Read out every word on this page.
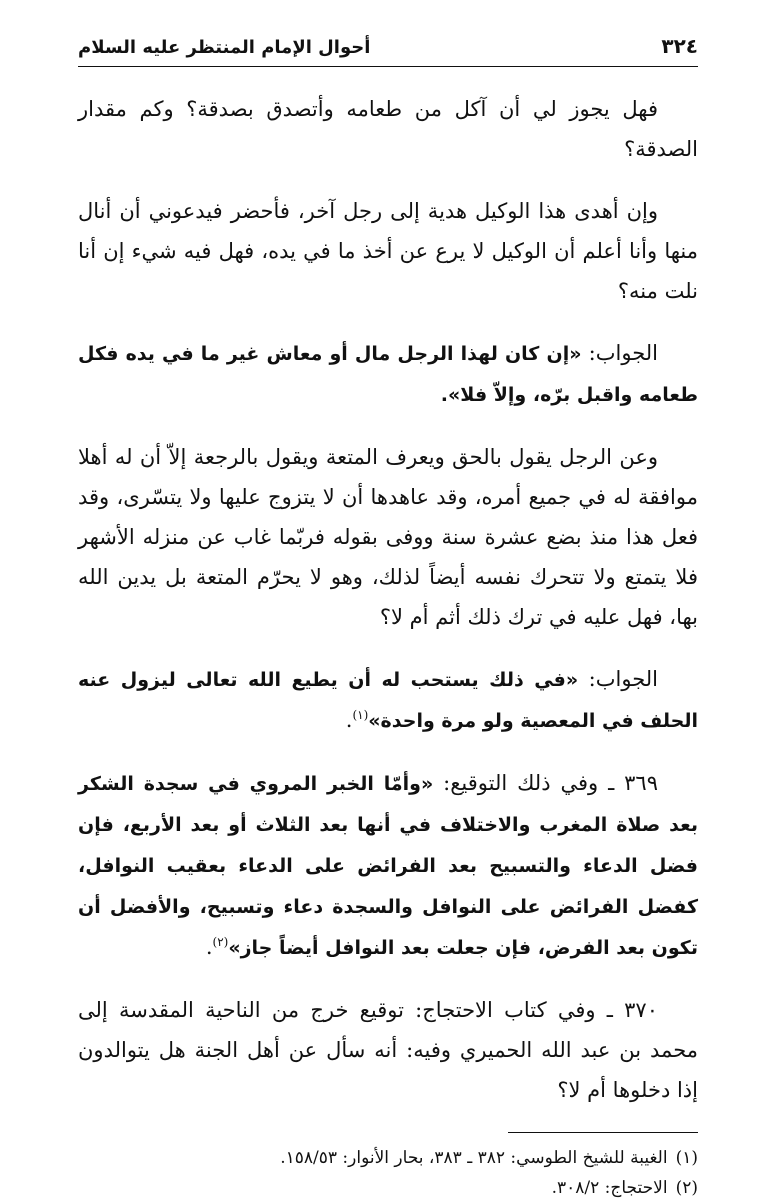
٣٢٤
أحوال الإمام المنتظر عليه السلام

فهل يجوز لي أن آكل من طعامه وأتصدق بصدقة؟ وكم مقدار الصدقة؟

وإن أهدى هذا الوكيل هدية إلى رجل آخر، فأحضر فيدعوني أن أنال منها وأنا أعلم أن الوكيل لا يرع عن أخذ ما في يده، فهل فيه شيء إن أنا نلت منه؟

الجواب: «إن كان لهذا الرجل مال أو معاش غير ما في يده فكل طعامه واقبل برّه، وإلاّ فلا».

وعن الرجل يقول بالحق ويعرف المتعة ويقول بالرجعة إلاّ أن له أهلا موافقة له في جميع أمره، وقد عاهدها أن لا يتزوج عليها ولا يتسّرى، وقد فعل هذا منذ بضع عشرة سنة ووفى بقوله فربّما غاب عن منزله الأشهر فلا يتمتع ولا تتحرك نفسه أيضاً لذلك، وهو لا يحرّم المتعة بل يدين الله بها، فهل عليه في ترك ذلك أثم أم لا؟

الجواب: «في ذلك يستحب له أن يطيع الله تعالى ليزول عنه الحلف في المعصية ولو مرة واحدة»$^{(١)}$.

٣٦٩ ـ وفي ذلك التوقيع: «وأمّا الخبر المروي في سجدة الشكر بعد صلاة المغرب والاختلاف في أنها بعد الثلاث أو بعد الأربع، فإن فضل الدعاء والتسبيح بعد الفرائض على الدعاء بعقيب النوافل، كفضل الفرائض على النوافل والسجدة دعاء وتسبيح، والأفضل أن تكون بعد الفرض، فإن جعلت بعد النوافل أيضاً جاز»$^{(٢)}$.

٣٧٠ ـ وفي كتاب الاحتجاج: توقيع خرج من الناحية المقدسة إلى محمد بن عبد الله الحميري وفيه: أنه سأل عن أهل الجنة هل يتوالدون إذا دخلوها أم لا؟

(١)الغيبة للشيخ الطوسي: ٣٨٢ ـ ٣٨٣، بحار الأنوار: ١٥٨/٥٣.

(٢)الاحتجاج: ٣٠٨/٢.
